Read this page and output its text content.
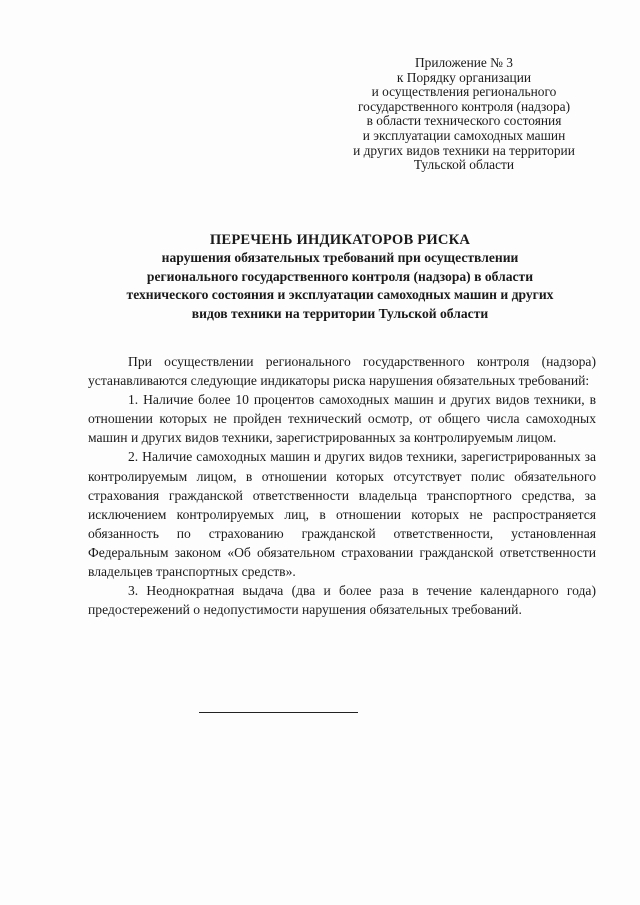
Приложение № 3
к Порядку организации
и осуществления регионального
государственного контроля (надзора)
в области технического состояния
и эксплуатации самоходных машин
и других видов техники на территории
Тульской области
ПЕРЕЧЕНЬ ИНДИКАТОРОВ РИСКА
нарушения обязательных требований при осуществлении
регионального государственного контроля (надзора) в области
технического состояния и эксплуатации самоходных машин и других
видов техники на территории Тульской области

При осуществлении регионального государственного контроля (надзора) устанавливаются следующие индикаторы риска нарушения обязательных требований:

1. Наличие более 10 процентов самоходных машин и других видов техники, в отношении которых не пройден технический осмотр, от общего числа самоходных машин и других видов техники, зарегистрированных за контролируемым лицом.

2. Наличие самоходных машин и других видов техники, зарегистрированных за контролируемым лицом, в отношении которых отсутствует полис обязательного страхования гражданской ответственности владельца транспортного средства, за исключением контролируемых лиц, в отношении которых не распространяется обязанность по страхованию гражданской ответственности, установленная Федеральным законом «Об обязательном страховании гражданской ответственности владельцев транспортных средств».

3. Неоднократная выдача (два и более раза в течение календарного года) предостережений о недопустимости нарушения обязательных требований.
